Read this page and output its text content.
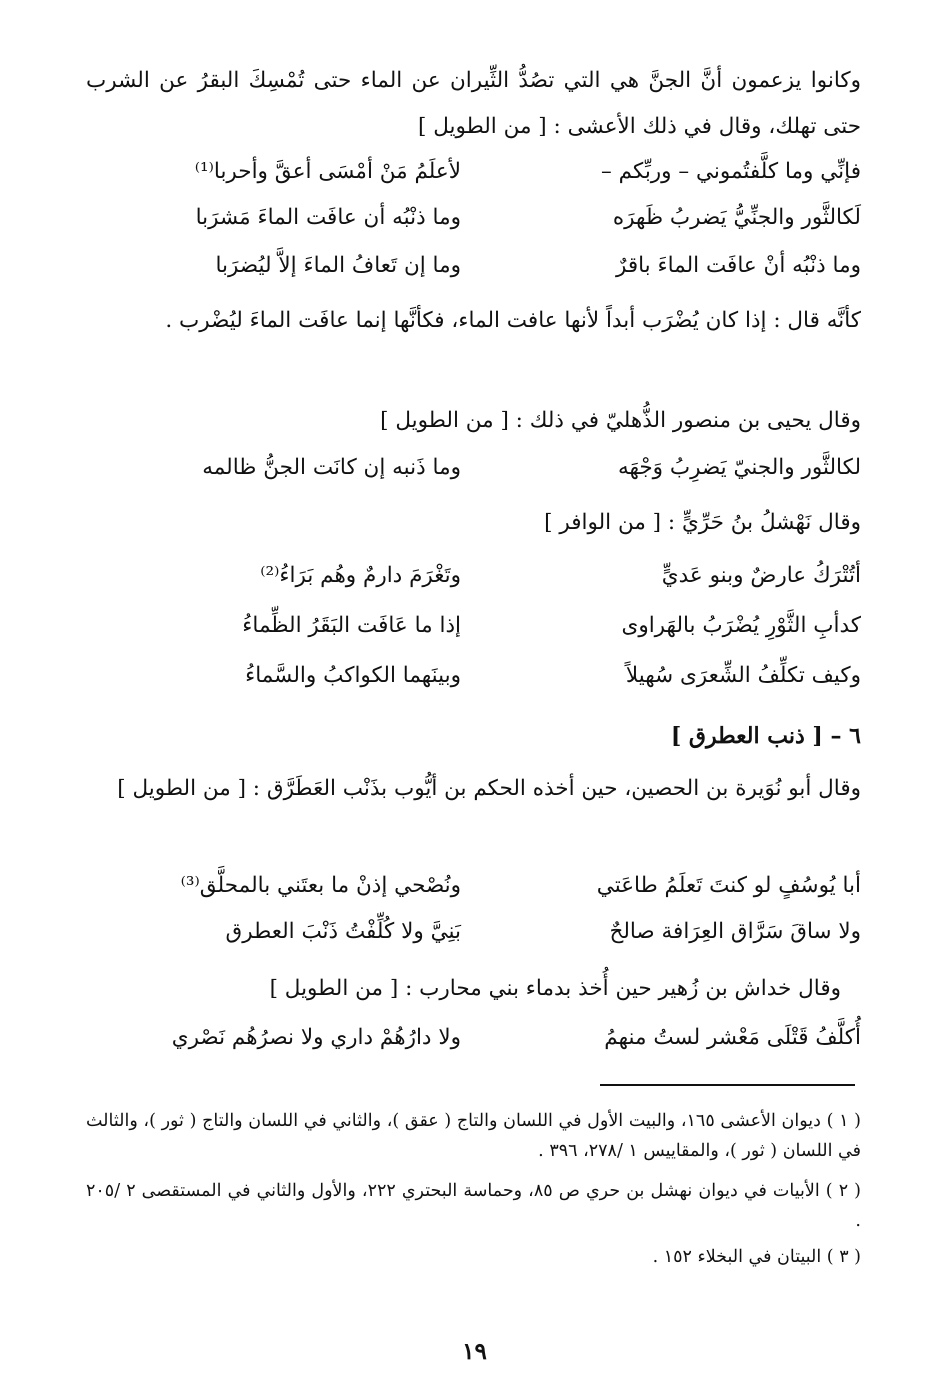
وكانوا يزعمون أنَّ الجنَّ هي التي تصُدُّ الثِّيران عن الماء حتى تُمْسِكَ البقرُ عن الشرب حتى تهلك، وقال في ذلك الأعشى : [ من الطويل ]
فإنِّي وما كلَّفتُموني – وربِّكم –
لأعلَمُ مَنْ أمْسَى أعقَّ وأحربا⁽¹⁾
لَكالثَّور والجنِّيُّ يَضربُ ظَهرَه
وما ذنْبُه أن عافَت الماءَ مَشرَبا
وما ذنْبُه أنْ عافَت الماءَ باقرٌ
وما إن تَعافُ الماءَ إلاَّ ليُضرَبا
كأنَّه قال : إذا كان يُضْرَب أبداً لأنها عافت الماء، فكأنَّها إنما عافَت الماءَ ليُضْرب .
وقال يحيى بن منصور الذُّهليّ في ذلك : [ من الطويل ]
لكالثَّور والجنيّ يَضرِبُ وَجْهَه
وما ذَنبه إن كانَت الجنُّ ظالمه
وقال نَهْشلُ بنُ حَرِّيٍّ : [ من الوافر ]
أتُتْرَكُ عارضٌ وبنو عَديٍّ
وتَغْرَمَ دارمٌ وهُم بَرَاءُ⁽²⁾
كدأبِ الثَّوْرِ يُضْرَبُ بالهَراوى
إذا ما عَافَت البَقَرُ الظِّماءُ
وكيف تكلِّفُ الشِّعرَى سُهيلاً
وبينَهما الكواكبُ والسَّماءُ
٦ – [ ذنب العطرق ]
وقال أبو نُوَيرة بن الحصين، حين أخذه الحكم بن أيُّوب بذَنْب العَطَرَّق : [ من الطويل ]
أبا يُوسُفٍ لو كنتَ تَعلَمُ طاعَتي
ونُصْحي إذنْ ما بعتَني بالمحلَّق⁽³⁾
ولا ساقَ سَرَّاق العِرَافة صالحٌ
بَنِيَّ ولا كُلِّفْتُ ذَنْبَ العطرق
وقال خداش بن زُهير حين أُخذ بدماء بني محارب : [ من الطويل ]
أُكلَّفُ قَتْلَى مَعْشر لستُ منهمُ
ولا دارُهُمْ داري ولا نصرُهُم نَصْري
( ١ ) ديوان الأعشى ١٦٥، والبيت الأول في اللسان والتاج ( عقق )، والثاني في اللسان والتاج ( ثور )، والثالث في اللسان ( ثور )، والمقاييس ١ /٢٧٨، ٣٩٦ .
( ٢ ) الأبيات في ديوان نهشل بن حري ص ٨٥، وحماسة البحتري ٢٢٢، والأول والثاني في المستقصى ٢ /٢٠٥ .
( ٣ ) البيتان في البخلاء ١٥٢ .
١٩
